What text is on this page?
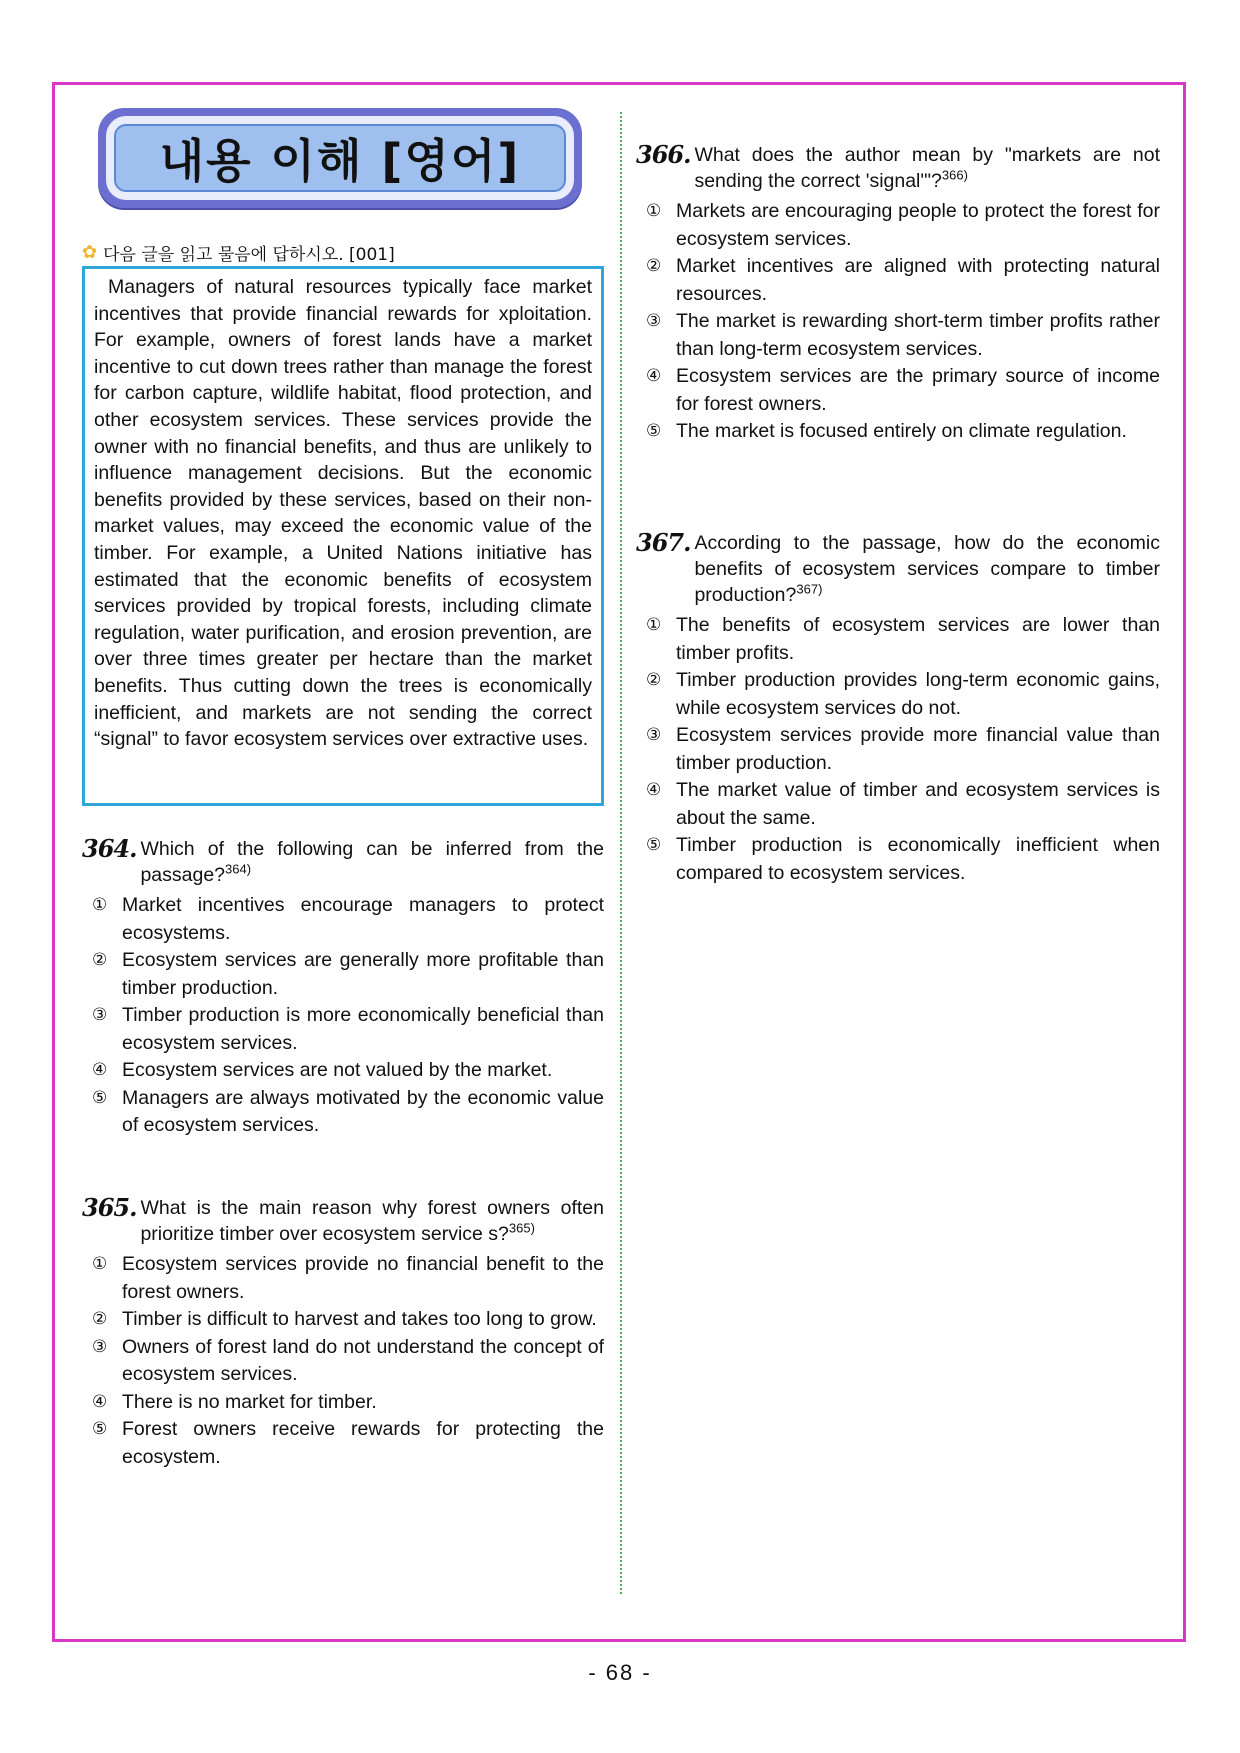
내용 이해 [영어]
✿ 다음 글을 읽고 물음에 답하시오. [001]
Managers of natural resources typically face market incentives that provide financial rewards for xploitation. For example, owners of forest lands have a market incentive to cut down trees rather than manage the forest for carbon capture, wildlife habitat, flood protection, and other ecosystem services. These services provide the owner with no financial benefits, and thus are unlikely to influence management decisions. But the economic benefits provided by these services, based on their non-market values, may exceed the economic value of the timber. For example, a United Nations initiative has estimated that the economic benefits of ecosystem services provided by tropical forests, including climate regulation, water purification, and erosion prevention, are over three times greater per hectare than the market benefits. Thus cutting down the trees is economically inefficient, and markets are not sending the correct “signal” to favor ecosystem services over extractive uses.
364. Which of the following can be inferred from the passage?$^{364)}$
① Market incentives encourage managers to protect ecosystems.
② Ecosystem services are generally more profitable than timber production.
③ Timber production is more economically beneficial than ecosystem services.
④ Ecosystem services are not valued by the market.
⑤ Managers are always motivated by the economic value of ecosystem services.
365. What is the main reason why forest owners often prioritize timber over ecosystem service s?$^{365)}$
① Ecosystem services provide no financial benefit to the forest owners.
② Timber is difficult to harvest and takes too long to grow.
③ Owners of forest land do not understand the concept of ecosystem services.
④ There is no market for timber.
⑤ Forest owners receive rewards for protecting the ecosystem.
366. What does the author mean by "markets are not sending the correct 'signal'"?$^{366)}$
① Markets are encouraging people to protect the forest for ecosystem services.
② Market incentives are aligned with protecting natural resources.
③ The market is rewarding short-term timber profits rather than long-term ecosystem services.
④ Ecosystem services are the primary source of income for forest owners.
⑤ The market is focused entirely on climate regulation.
367. According to the passage, how do the economic benefits of ecosystem services compare to timber production?$^{367)}$
① The benefits of ecosystem services are lower than timber profits.
② Timber production provides long-term economic gains, while ecosystem services do not.
③ Ecosystem services provide more financial value than timber production.
④ The market value of timber and ecosystem services is about the same.
⑤ Timber production is economically inefficient when compared to ecosystem services.
- 68 -
